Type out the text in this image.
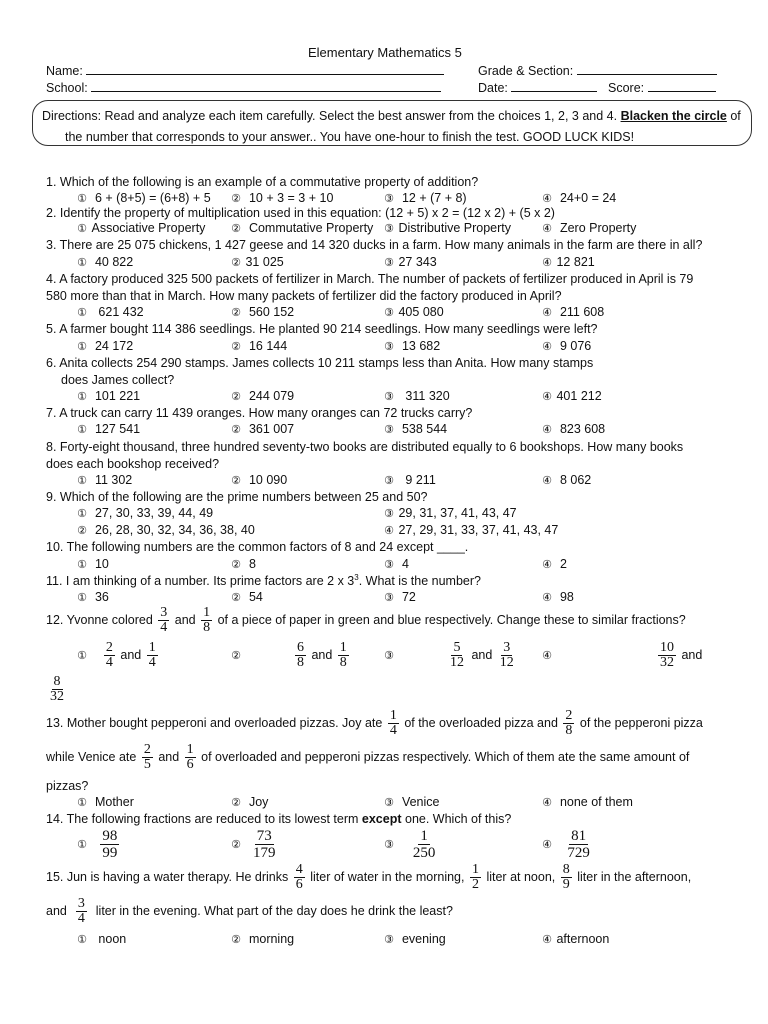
Elementary Mathematics 5
Name:	Grade & Section:
School:	Date:	Score:
Directions: Read and analyze each item carefully. Select the best answer from the choices 1, 2, 3 and 4. Blacken the circle of
the number that corresponds to your answer.. You have one-hour to finish the test. GOOD LUCK KIDS!
1. Which of the following is an example of a commutative property of addition?
① 6 + (8+5) = (6+8) + 5 ② 10 + 3 = 3 + 10	③ 12 + (7 + 8)	④ 24+0 = 24
2. Identify the property of multiplication used in this equation: (12 + 5) x 2 = (12 x 2) + (5 x 2)
① Associative Property ② Commutative Property ③ Distributive Property	④ Zero Property
3. There are 25 075 chickens, 1 427 geese and 14 320 ducks in a farm. How many animals in the farm are there in all?
① 40 822	② 31 025	③ 27 343	④ 12 821
4. A factory produced 325 500 packets of fertilizer in March. The number of packets of fertilizer produced in April is 79
580 more than that in March. How many packets of fertilizer did the factory produced in April?
① 621 432	② 560 152	③ 405 080	④ 211 608
5. A farmer bought 114 386 seedlings. He planted 90 214 seedlings. How many seedlings were left?
① 24 172	② 16 144	③ 13 682	④ 9 076
6. Anita collects 254 290 stamps. James collects 10 211 stamps less than Anita. How many stamps
does James collect?
① 101 221	② 244 079	③ 311 320	④ 401 212
7. A truck can carry 11 439 oranges. How many oranges can 72 trucks carry?
① 127 541	② 361 007	③ 538 544	④ 823 608
8. Forty-eight thousand, three hundred seventy-two books are distributed equally to 6 bookshops. How many books
does each bookshop received?
① 11 302	② 10 090	③ 9 211	④ 8 062
9. Which of the following are the prime numbers between 25 and 50?
① 27, 30, 33, 39, 44, 49
② 26, 28, 30, 32, 34, 36, 38, 40
③ 29, 31, 37, 41, 43, 47
④ 27, 29, 31, 33, 37, 41, 43, 47
10. The following numbers are the common factors of 8 and 24 except ____.
① 10	② 8	③ 4	④ 2
11. I am thinking of a number. Its prime factors are 2 x $3^3$. What is the number?
① 36	② 54	③ 72	④ 98
12. Yvonne colored $\frac{3}{4}$ and $\frac{1}{8}$ of a piece of paper in green and blue respectively. Change these to similar fractions?
① $\frac{2}{4}$ and $\frac{1}{4}$	②	$\frac{6}{8}$ and $\frac{1}{8}$	③	$\frac{5}{12}$ and $\frac{3}{12}$ ④	$\frac{10}{32}$ and
$\frac{8}{32}$
13. Mother bought pepperoni and overloaded pizzas. Joy ate $\frac{1}{4}$ of the overloaded pizza and $\frac{2}{8}$ of the pepperoni pizza
while Venice ate $\frac{2}{5}$ and $\frac{1}{6}$ of overloaded and pepperoni pizzas respectively. Which of them ate the same amount of
pizzas?
① Mother	② Joy	③ Venice	④ none of them
14. The following fractions are reduced to its lowest term except one. Which of this?
① $\frac{98}{99}$	② $\frac{73}{179}$	③ $\frac{1}{250}$	④ $\frac{81}{729}$
15. Jun is having a water therapy. He drinks $\frac{4}{6}$ liter of water in the morning, $\frac{1}{2}$ liter at noon, $\frac{8}{9}$ liter in the afternoon,
and $\frac{3}{4}$ liter in the evening. What part of the day does he drink the least?
① noon	② morning	③ evening	④ afternoon
